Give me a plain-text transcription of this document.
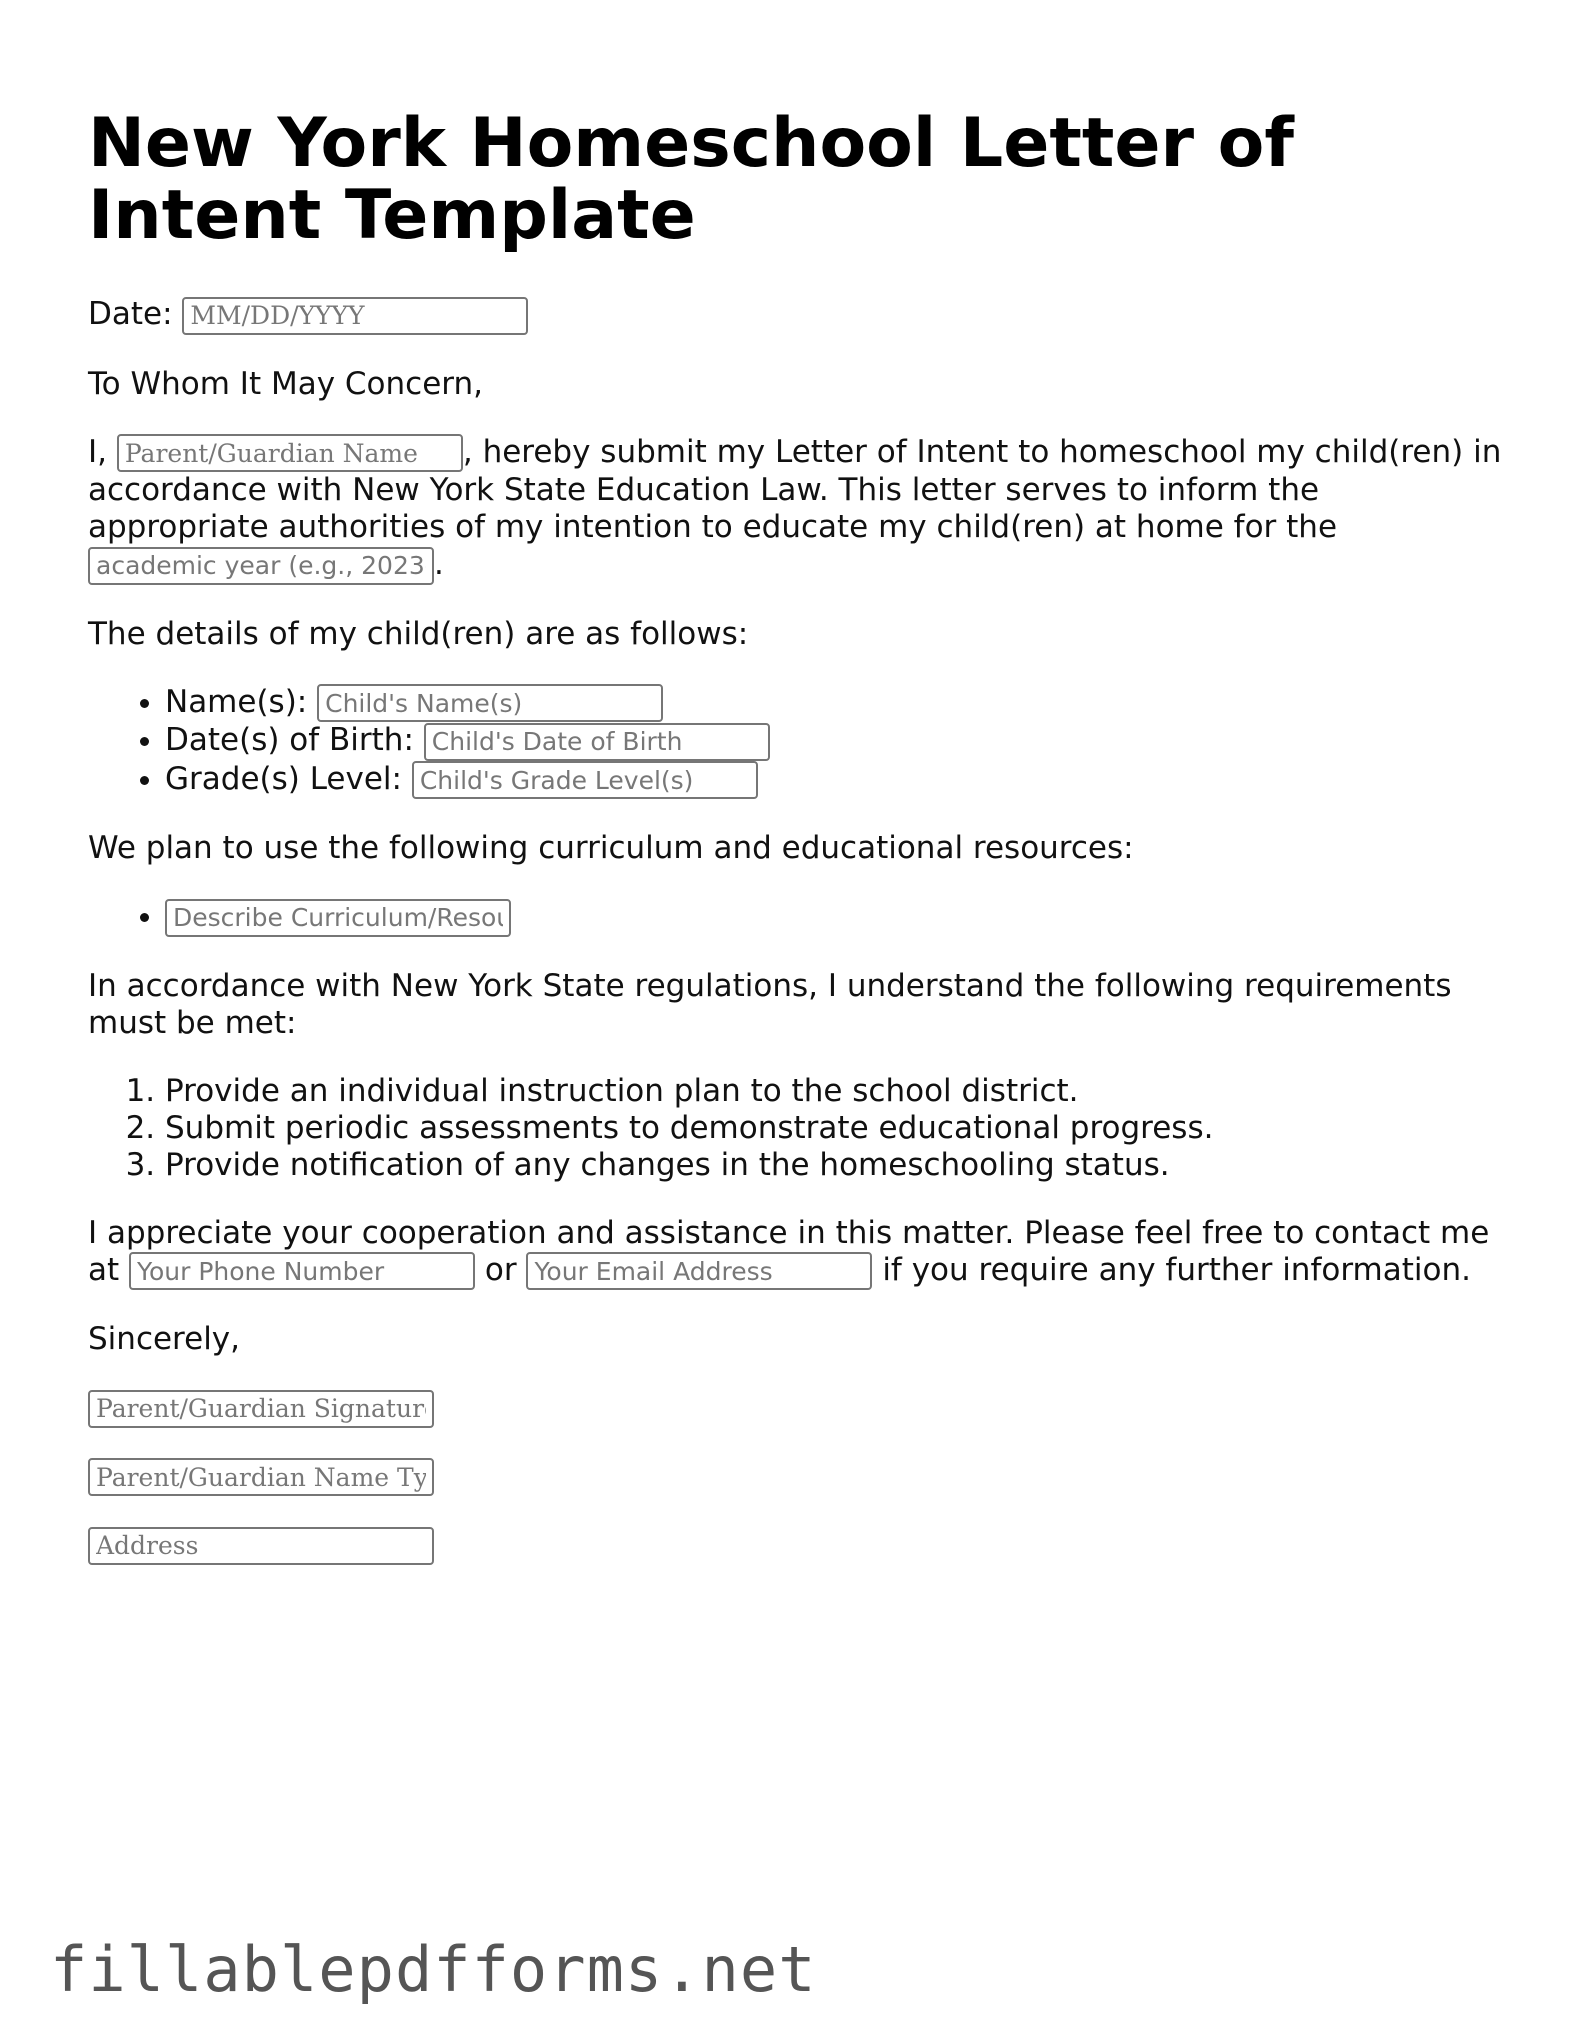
New York Homeschool Letter of Intent Template

Date: MM/DD/YYYY

To Whom It May Concern,

I, Parent/Guardian Name	, hereby submit my Letter of Intent to homeschool my child(ren) in accordance with New York State Education Law. This letter serves to inform the appropriate authorities of my intention to educate my child(ren) at home for the academic year (e.g., 2023-2024).

The details of my child(ren) are as follows:

• Name(s): Child's Name(s)
• Date(s) of Birth: Child's Date of Birth
• Grade(s) Level: Child's Grade Level(s)

We plan to use the following curriculum and educational resources:

• Describe Curriculum/Resources

In accordance with New York State regulations, I understand the following requirements must be met:

1. Provide an individual instruction plan to the school district.
2. Submit periodic assessments to demonstrate educational progress.
3. Provide notification of any changes in the homeschooling status.

I appreciate your cooperation and assistance in this matter. Please feel free to contact me at Your Phone Number	or Your Email Address	if you require any further information.

Sincerely,

Parent/Guardian Signature

Parent/Guardian Name Typed

Address

fillablepdfforms.net
